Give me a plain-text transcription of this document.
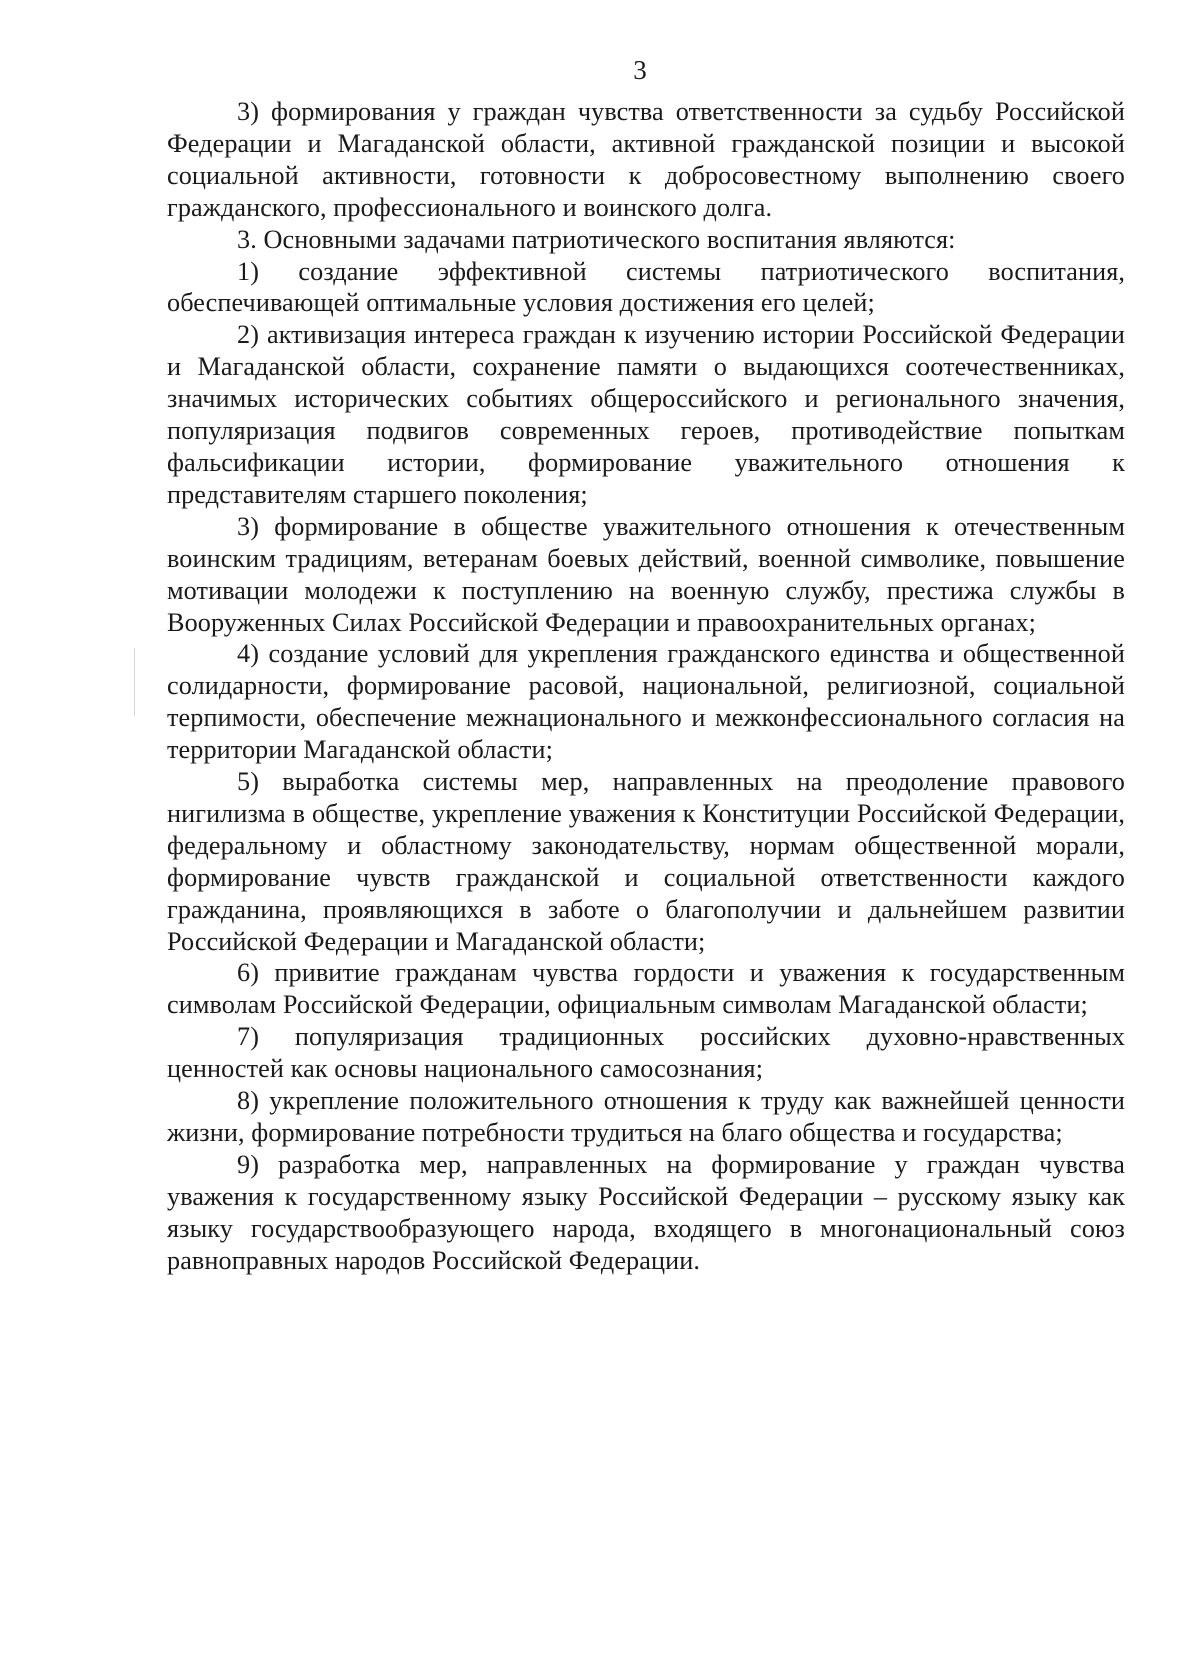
3

3) формирования у граждан чувства ответственности за судьбу Российской Федерации и Магаданской области, активной гражданской позиции и высокой социальной активности, готовности к добросовестному выполнению своего гражданского, профессионального и воинского долга.

3. Основными задачами патриотического воспитания являются:

1) создание эффективной системы патриотического воспитания, обеспечивающей оптимальные условия достижения его целей;

2) активизация интереса граждан к изучению истории Российской Федерации и Магаданской области, сохранение памяти о выдающихся соотечественниках, значимых исторических событиях общероссийского и регионального значения, популяризация подвигов современных героев, противодействие попыткам фальсификации истории, формирование уважительного отношения к представителям старшего поколения;

3) формирование в обществе уважительного отношения к отечественным воинским традициям, ветеранам боевых действий, военной символике, повышение мотивации молодежи к поступлению на военную службу, престижа службы в Вооруженных Силах Российской Федерации и правоохранительных органах;

4) создание условий для укрепления гражданского единства и общественной солидарности, формирование расовой, национальной, религиозной, социальной терпимости, обеспечение межнационального и межконфессионального согласия на территории Магаданской области;

5) выработка системы мер, направленных на преодоление правового нигилизма в обществе, укрепление уважения к Конституции Российской Федерации, федеральному и областному законодательству, нормам общественной морали, формирование чувств гражданской и социальной ответственности каждого гражданина, проявляющихся в заботе о благополучии и дальнейшем развитии Российской Федерации и Магаданской области;

6) привитие гражданам чувства гордости и уважения к государственным символам Российской Федерации, официальным символам Магаданской области;

7) популяризация традиционных российских духовно-нравственных ценностей как основы национального самосознания;

8) укрепление положительного отношения к труду как важнейшей ценности жизни, формирование потребности трудиться на благо общества и государства;

9) разработка мер, направленных на формирование у граждан чувства уважения к государственному языку Российской Федерации – русскому языку как языку государствообразующего народа, входящего в многонациональный союз равноправных народов Российской Федерации.
